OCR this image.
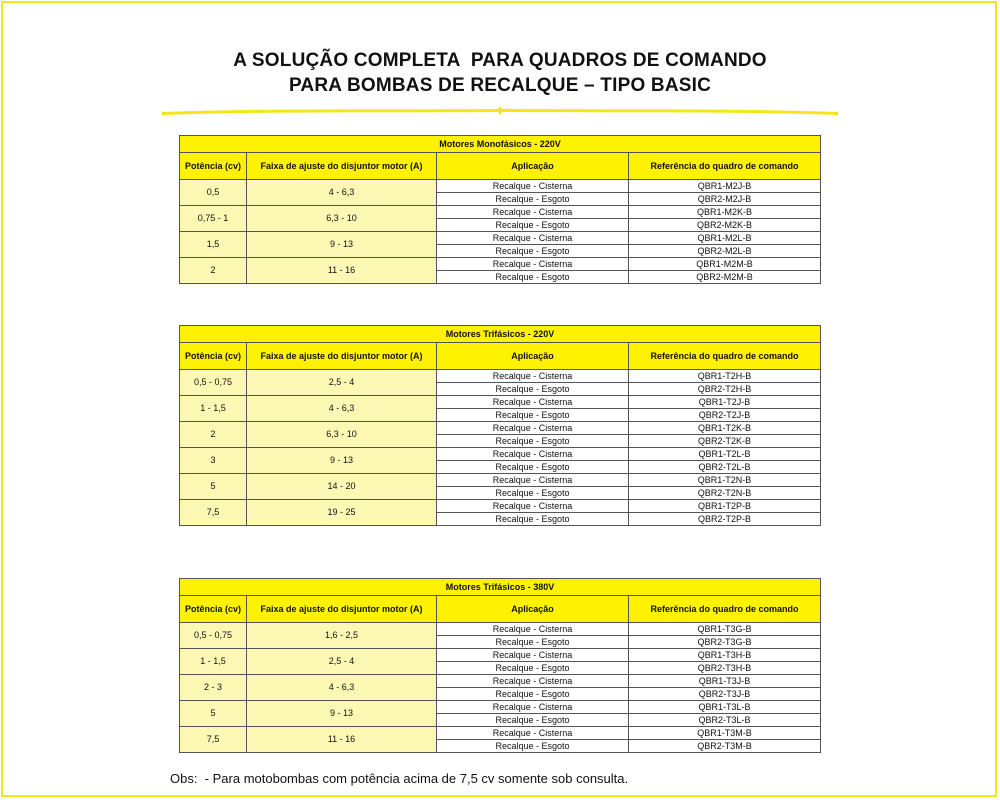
A SOLUÇÃO COMPLETA  PARA QUADROS DE COMANDO
PARA BOMBAS DE RECALQUE – TIPO BASIC
Motores Monofásicos - 220V			
Potência (cv)	Faixa de ajuste do disjuntor motor (A)	Aplicação	Referência do quadro de comando
0,5	4 - 6,3	Recalque - Cisterna	QBR1-M2J-B
		Recalque - Esgoto	QBR2-M2J-B
0,75 - 1	6,3 - 10	Recalque - Cisterna	QBR1-M2K-B
		Recalque - Esgoto	QBR2-M2K-B
1,5	9 - 13	Recalque - Cisterna	QBR1-M2L-B
		Recalque - Esgoto	QBR2-M2L-B
2	11 - 16	Recalque - Cisterna	QBR1-M2M-B
		Recalque - Esgoto	QBR2-M2M-B
Motores Trifásicos - 220V			
Potência (cv)	Faixa de ajuste do disjuntor motor (A)	Aplicação	Referência do quadro de comando
0,5 - 0,75	2,5 - 4	Recalque - Cisterna	QBR1-T2H-B
		Recalque - Esgoto	QBR2-T2H-B
1 - 1,5	4 - 6,3	Recalque - Cisterna	QBR1-T2J-B
		Recalque - Esgoto	QBR2-T2J-B
2	6,3 - 10	Recalque - Cisterna	QBR1-T2K-B
		Recalque - Esgoto	QBR2-T2K-B
3	9 - 13	Recalque - Cisterna	QBR1-T2L-B
		Recalque - Esgoto	QBR2-T2L-B
5	14 - 20	Recalque - Cisterna	QBR1-T2N-B
		Recalque - Esgoto	QBR2-T2N-B
7,5	19 - 25	Recalque - Cisterna	QBR1-T2P-B
		Recalque - Esgoto	QBR2-T2P-B
Motores Trifásicos - 380V			
Potência (cv)	Faixa de ajuste do disjuntor motor (A)	Aplicação	Referência do quadro de comando
0,5 - 0,75	1,6 - 2,5	Recalque - Cisterna	QBR1-T3G-B
		Recalque - Esgoto	QBR2-T3G-B
1 - 1,5	2,5 - 4	Recalque - Cisterna	QBR1-T3H-B
		Recalque - Esgoto	QBR2-T3H-B
2 - 3	4 - 6,3	Recalque - Cisterna	QBR1-T3J-B
		Recalque - Esgoto	QBR2-T3J-B
5	9 - 13	Recalque - Cisterna	QBR1-T3L-B
		Recalque - Esgoto	QBR2-T3L-B
7,5	11 - 16	Recalque - Cisterna	QBR1-T3M-B
		Recalque - Esgoto	QBR2-T3M-B
Obs:  - Para motobombas com potência acima de 7,5 cv somente sob consulta.
